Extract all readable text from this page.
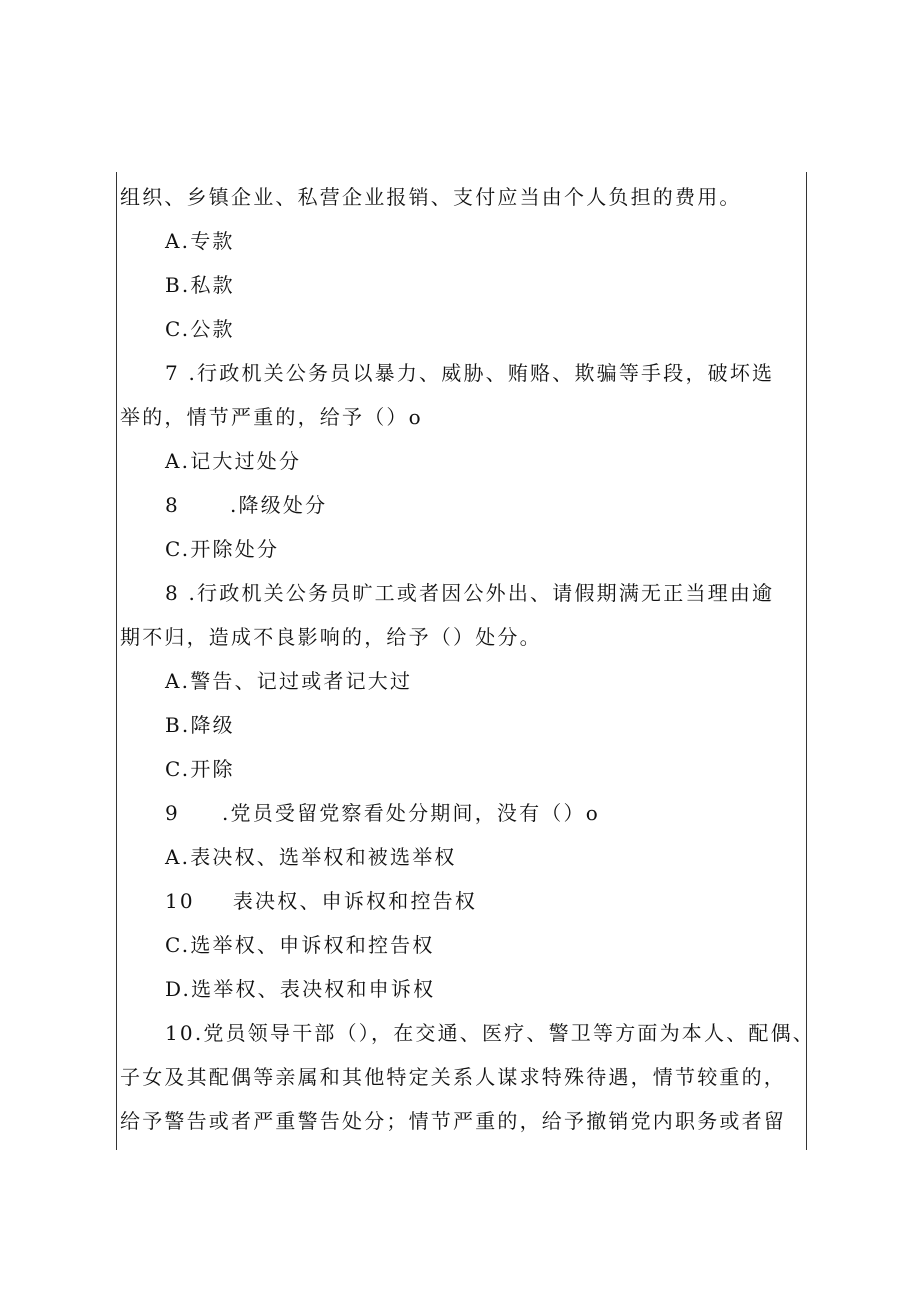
组织、乡镇企业、私营企业报销、支付应当由个人负担的费用。
A.专款
B.私款
C.公款
7 .行政机关公务员以暴力、威胁、贿赂、欺骗等手段，破坏选
举的，情节严重的，给予（）o
A.记大过处分
8	.降级处分
C.开除处分
8 .行政机关公务员旷工或者因公外出、请假期满无正当理由逾
期不归，造成不良影响的，给予（）处分。
A.警告、记过或者记大过
B.降级
C.开除
9 .党员受留党察看处分期间，没有（）o
A.表决权、选举权和被选举权
10 表决权、申诉权和控告权
C.选举权、申诉权和控告权
D.选举权、表决权和申诉权
10.党员领导干部（），在交通、医疗、警卫等方面为本人、配偶、
子女及其配偶等亲属和其他特定关系人谋求特殊待遇，情节较重的，
给予警告或者严重警告处分；情节严重的，给予撤销党内职务或者留
